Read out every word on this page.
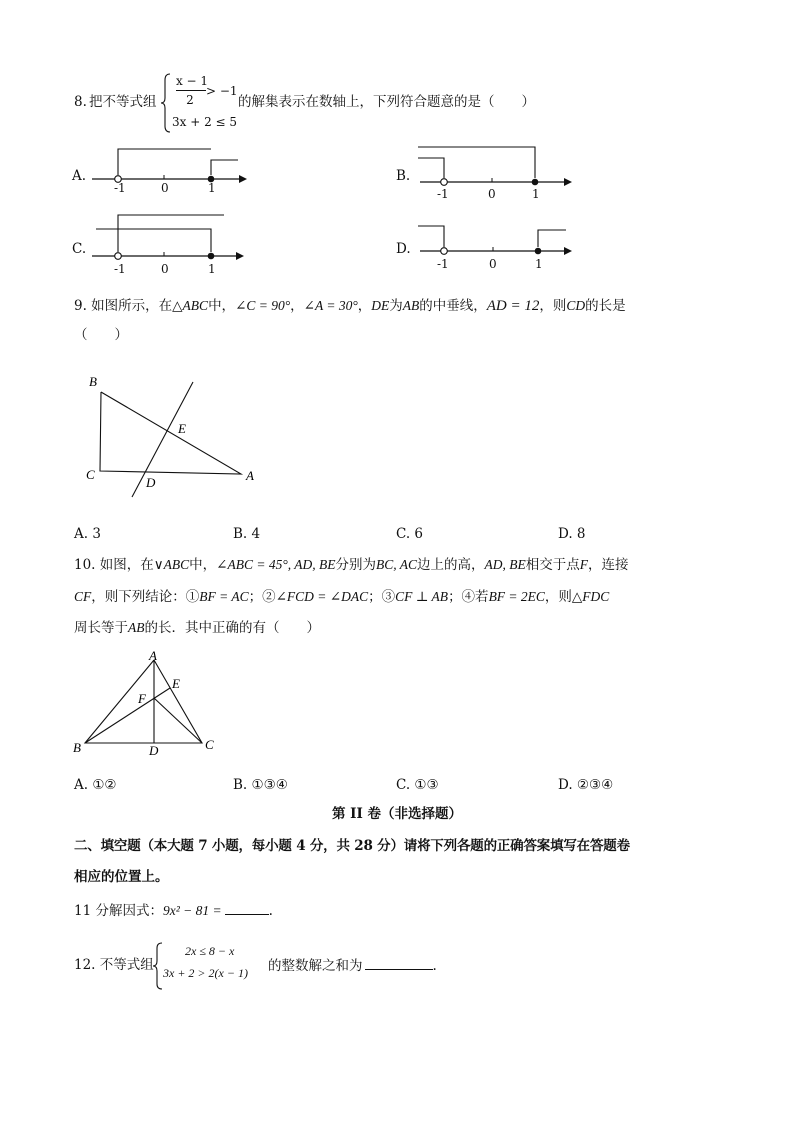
8. 把不等式组
x − 1
2
> −1
3x + 2 ≤ 5
的解集表示在数轴上，下列符合题意的是（　　）
A.
-1	0	1
B.
-1	0	1
C.
-1	0	1
D.
-1	0	1
9. 如图所示，在△ABC中，∠C = 90°，∠A = 30°，DE为AB的中垂线，AD = 12，则CD的长是
（　　）
B
C	A
D
E
A. 3	B. 4	C. 6	D. 8
10. 如图，在∨ABC中，∠ABC = 45°, AD, BE分别为BC, AC边上的高，AD, BE相交于点F，连接
CF，则下列结论：①BF = AC；②∠FCD = ∠DAC；③CF ⊥ AB；④若BF = 2EC，则△FDC
周长等于AB的长．其中正确的有（　　）
A
E
F
B	D	C
A. ①②	B. ①③④	C. ①③	D. ②③④
第 II 卷（非选择题）
二、填空题（本大题 7 小题，每小题 4 分，共 28 分）请将下列各题的正确答案填写在答题卷
相应的位置上。
11 分解因式：9x² − 81 =	.
12. 不等式组
2x ≤ 8 − x
3x + 2 > 2(x − 1) 的整数解之和为	.
